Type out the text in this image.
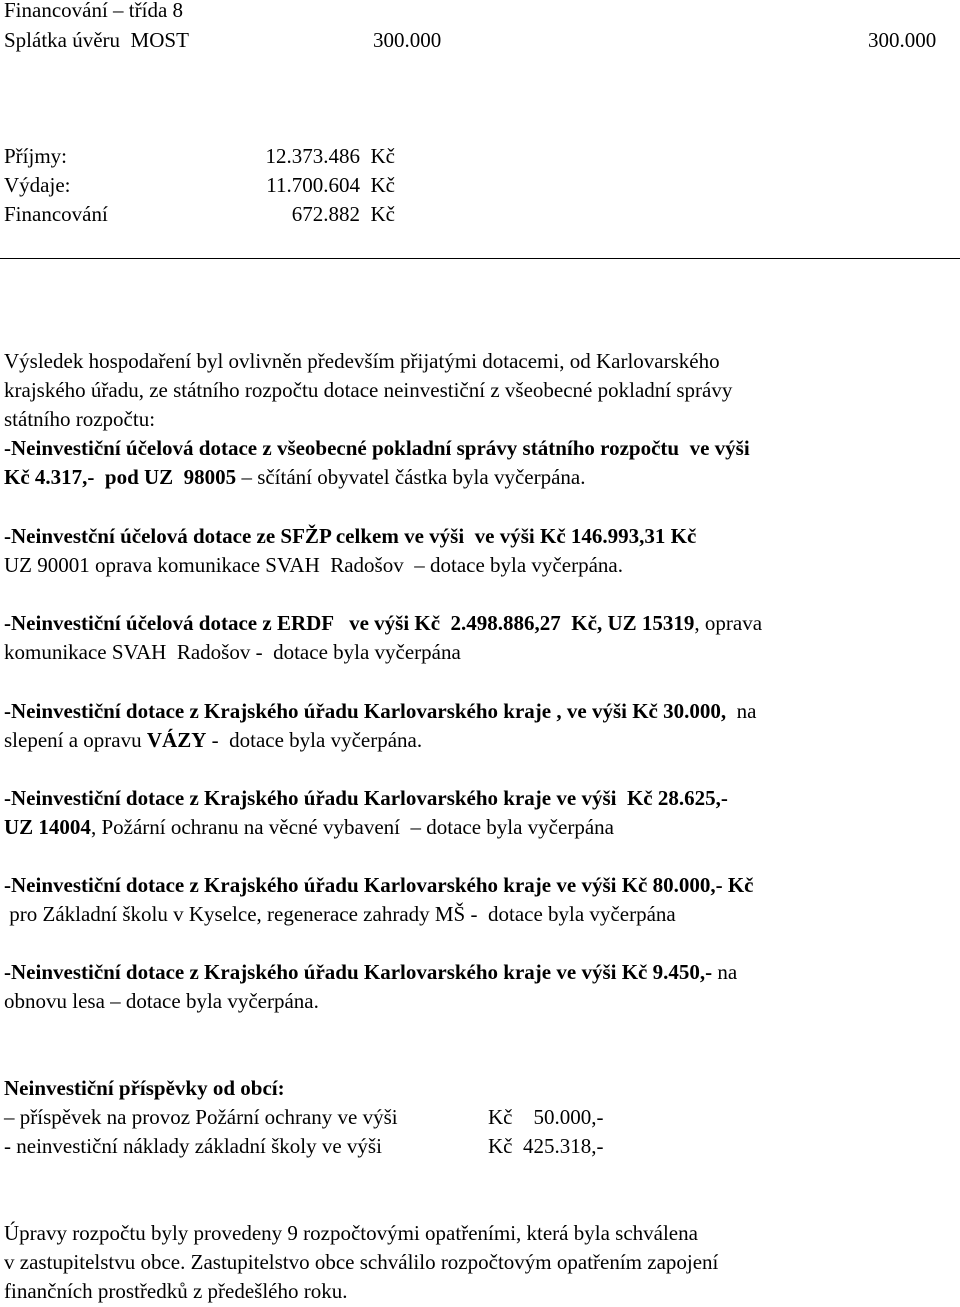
Financování – třída 8
Splátka úvěru  MOST	300.000	300.000
Příjmy:	12.373.486  Kč
Výdaje:	11.700.604  Kč
Financování	672.882  Kč
Výsledek hospodaření byl ovlivněn především přijatými dotacemi, od Karlovarského
krajského úřadu, ze státního rozpočtu dotace neinvestiční z všeobecné pokladní správy
státního rozpočtu:
-Neinvestiční účelová dotace z všeobecné pokladní správy státního rozpočtu  ve výši
Kč 4.317,-  pod UZ  98005 – sčítání obyvatel částka byla vyčerpána.
-Neinvestční účelová dotace ze SFŽP celkem ve výši  ve výši Kč 146.993,31 Kč
UZ 90001 oprava komunikace SVAH  Radošov  – dotace byla vyčerpána.
-Neinvestiční účelová dotace z ERDF   ve výši Kč  2.498.886,27  Kč, UZ 15319, oprava
komunikace SVAH  Radošov -  dotace byla vyčerpána
-Neinvestiční dotace z Krajského úřadu Karlovarského kraje , ve výši Kč 30.000,  na
slepení a opravu VÁZY -  dotace byla vyčerpána.
-Neinvestiční dotace z Krajského úřadu Karlovarského kraje ve výši  Kč 28.625,-
UZ 14004, Požární ochranu na věcné vybavení  – dotace byla vyčerpána
-Neinvestiční dotace z Krajského úřadu Karlovarského kraje ve výši Kč 80.000,- Kč
pro Základní školu v Kyselce, regenerace zahrady MŠ -  dotace byla vyčerpána
-Neinvestiční dotace z Krajského úřadu Karlovarského kraje ve výši Kč 9.450,- na
obnovu lesa – dotace byla vyčerpána.
Neinvestiční příspěvky od obcí:
– příspěvek na provoz Požární ochrany ve výši	Kč    50.000,-
- neinvestiční náklady základní školy ve výši	Kč  425.318,-
Úpravy rozpočtu byly provedeny 9 rozpočtovými opatřeními, která byla schválena
v zastupitelstvu obce. Zastupitelstvo obce schválilo rozpočtovým opatřením zapojení
finančních prostředků z předešlého roku.
